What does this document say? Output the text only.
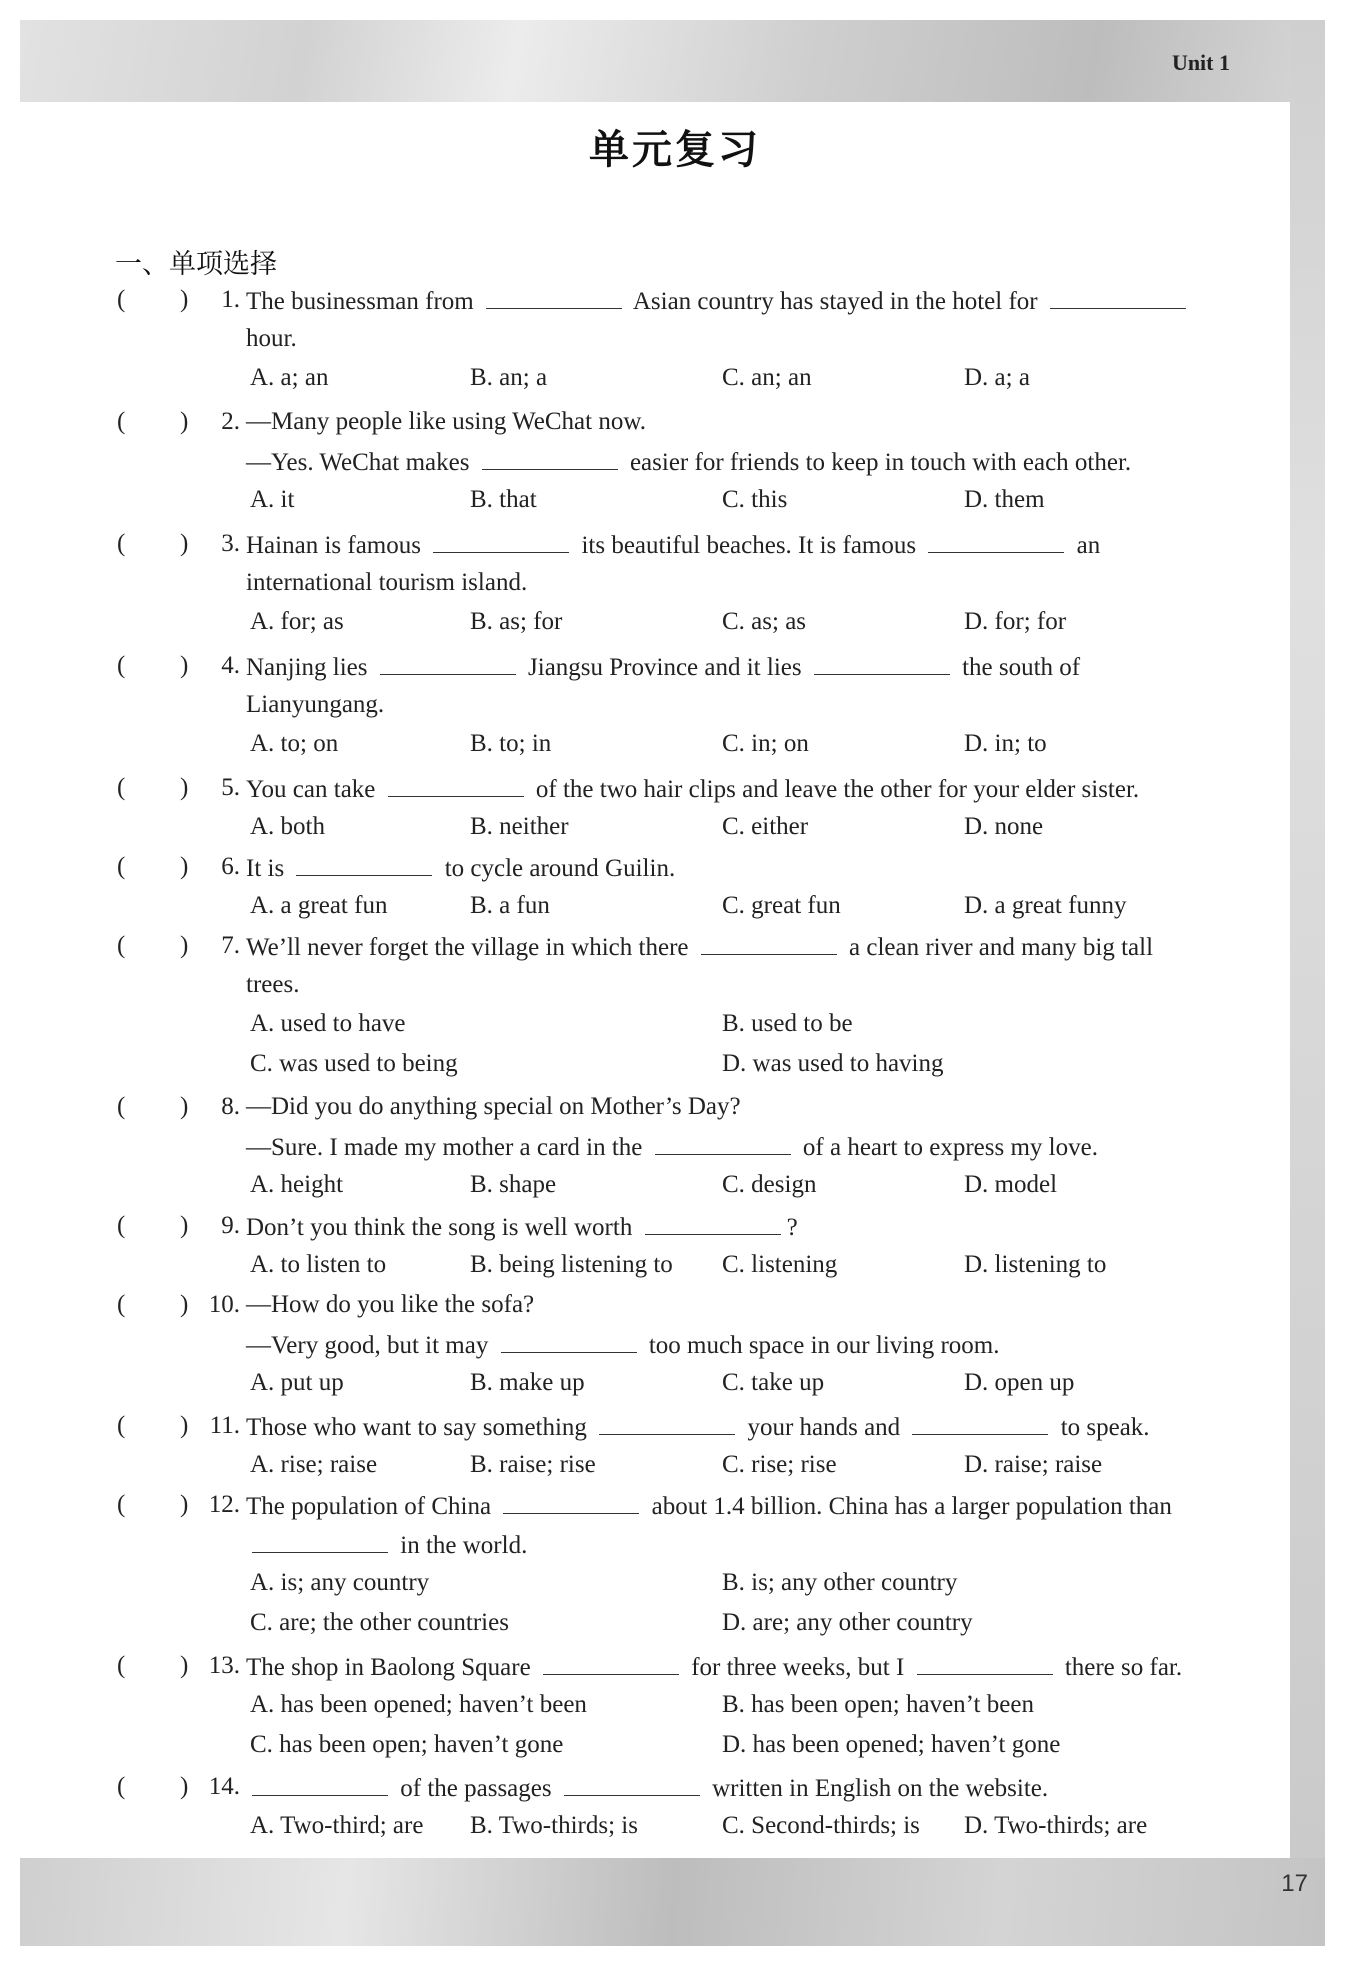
Unit 1
单元复习
一、单项选择
17
( )	1. The businessman from	Asian country has stayed in the hotel for
hour.
A. a; an	B. an; a	C. an; an	D. a; a
( )	2. —Many people like using WeChat now.
—Yes. WeChat makes	easier for friends to keep in touch with each other.
A. it	B. that	C. this	D. them
( )	3. Hainan is famous	its beautiful beaches. It is famous	an
international tourism island.
A. for; as	B. as; for	C. as; as	D. for; for
( )	4. Nanjing lies	Jiangsu Province and it lies	the south of
Lianyungang.
A. to; on	B. to; in	C. in; on	D. in; to
( )	5. You can take	of the two hair clips and leave the other for your elder sister.
A. both	B. neither	C. either	D. none
( )	6. It is	to cycle around Guilin.
A. a great fun	B. a fun	C. great fun	D. a great funny
( )	7. We’ll never forget the village in which there	a clean river and many big tall
trees.
A. used to have	B. used to be
C. was used to being	D. was used to having
( )	8. —Did you do anything special on Mother’s Day?
—Sure. I made my mother a card in the	of a heart to express my love.
A. height	B. shape	C. design	D. model
( )	9. Don’t you think the song is well worth	?
A. to listen to	B. being listening to C. listening	D. listening to
( ) 10. —How do you like the sofa?
—Very good, but it may	too much space in our living room.
A. put up	B. make up	C. take up	D. open up
( ) 11. Those who want to say something	your hands and	to speak.
A. rise; raise	B. raise; rise	C. rise; rise	D. raise; raise
( ) 12. The population of China	about 1.4 billion. China has a larger population than
in the world.
A. is; any country	B. is; any other country
C. are; the other countries	D. are; any other country
( ) 13. The shop in Baolong Square	for three weeks, but I	there so far.
A. has been opened; haven’t been	B. has been open; haven’t been
C. has been open; haven’t gone	D. has been opened; haven’t gone
( ) 14.	of the passages	written in English on the website.
A. Two-third; are B. Two-thirds; is	C. Second-thirds; is D. Two-thirds; are
